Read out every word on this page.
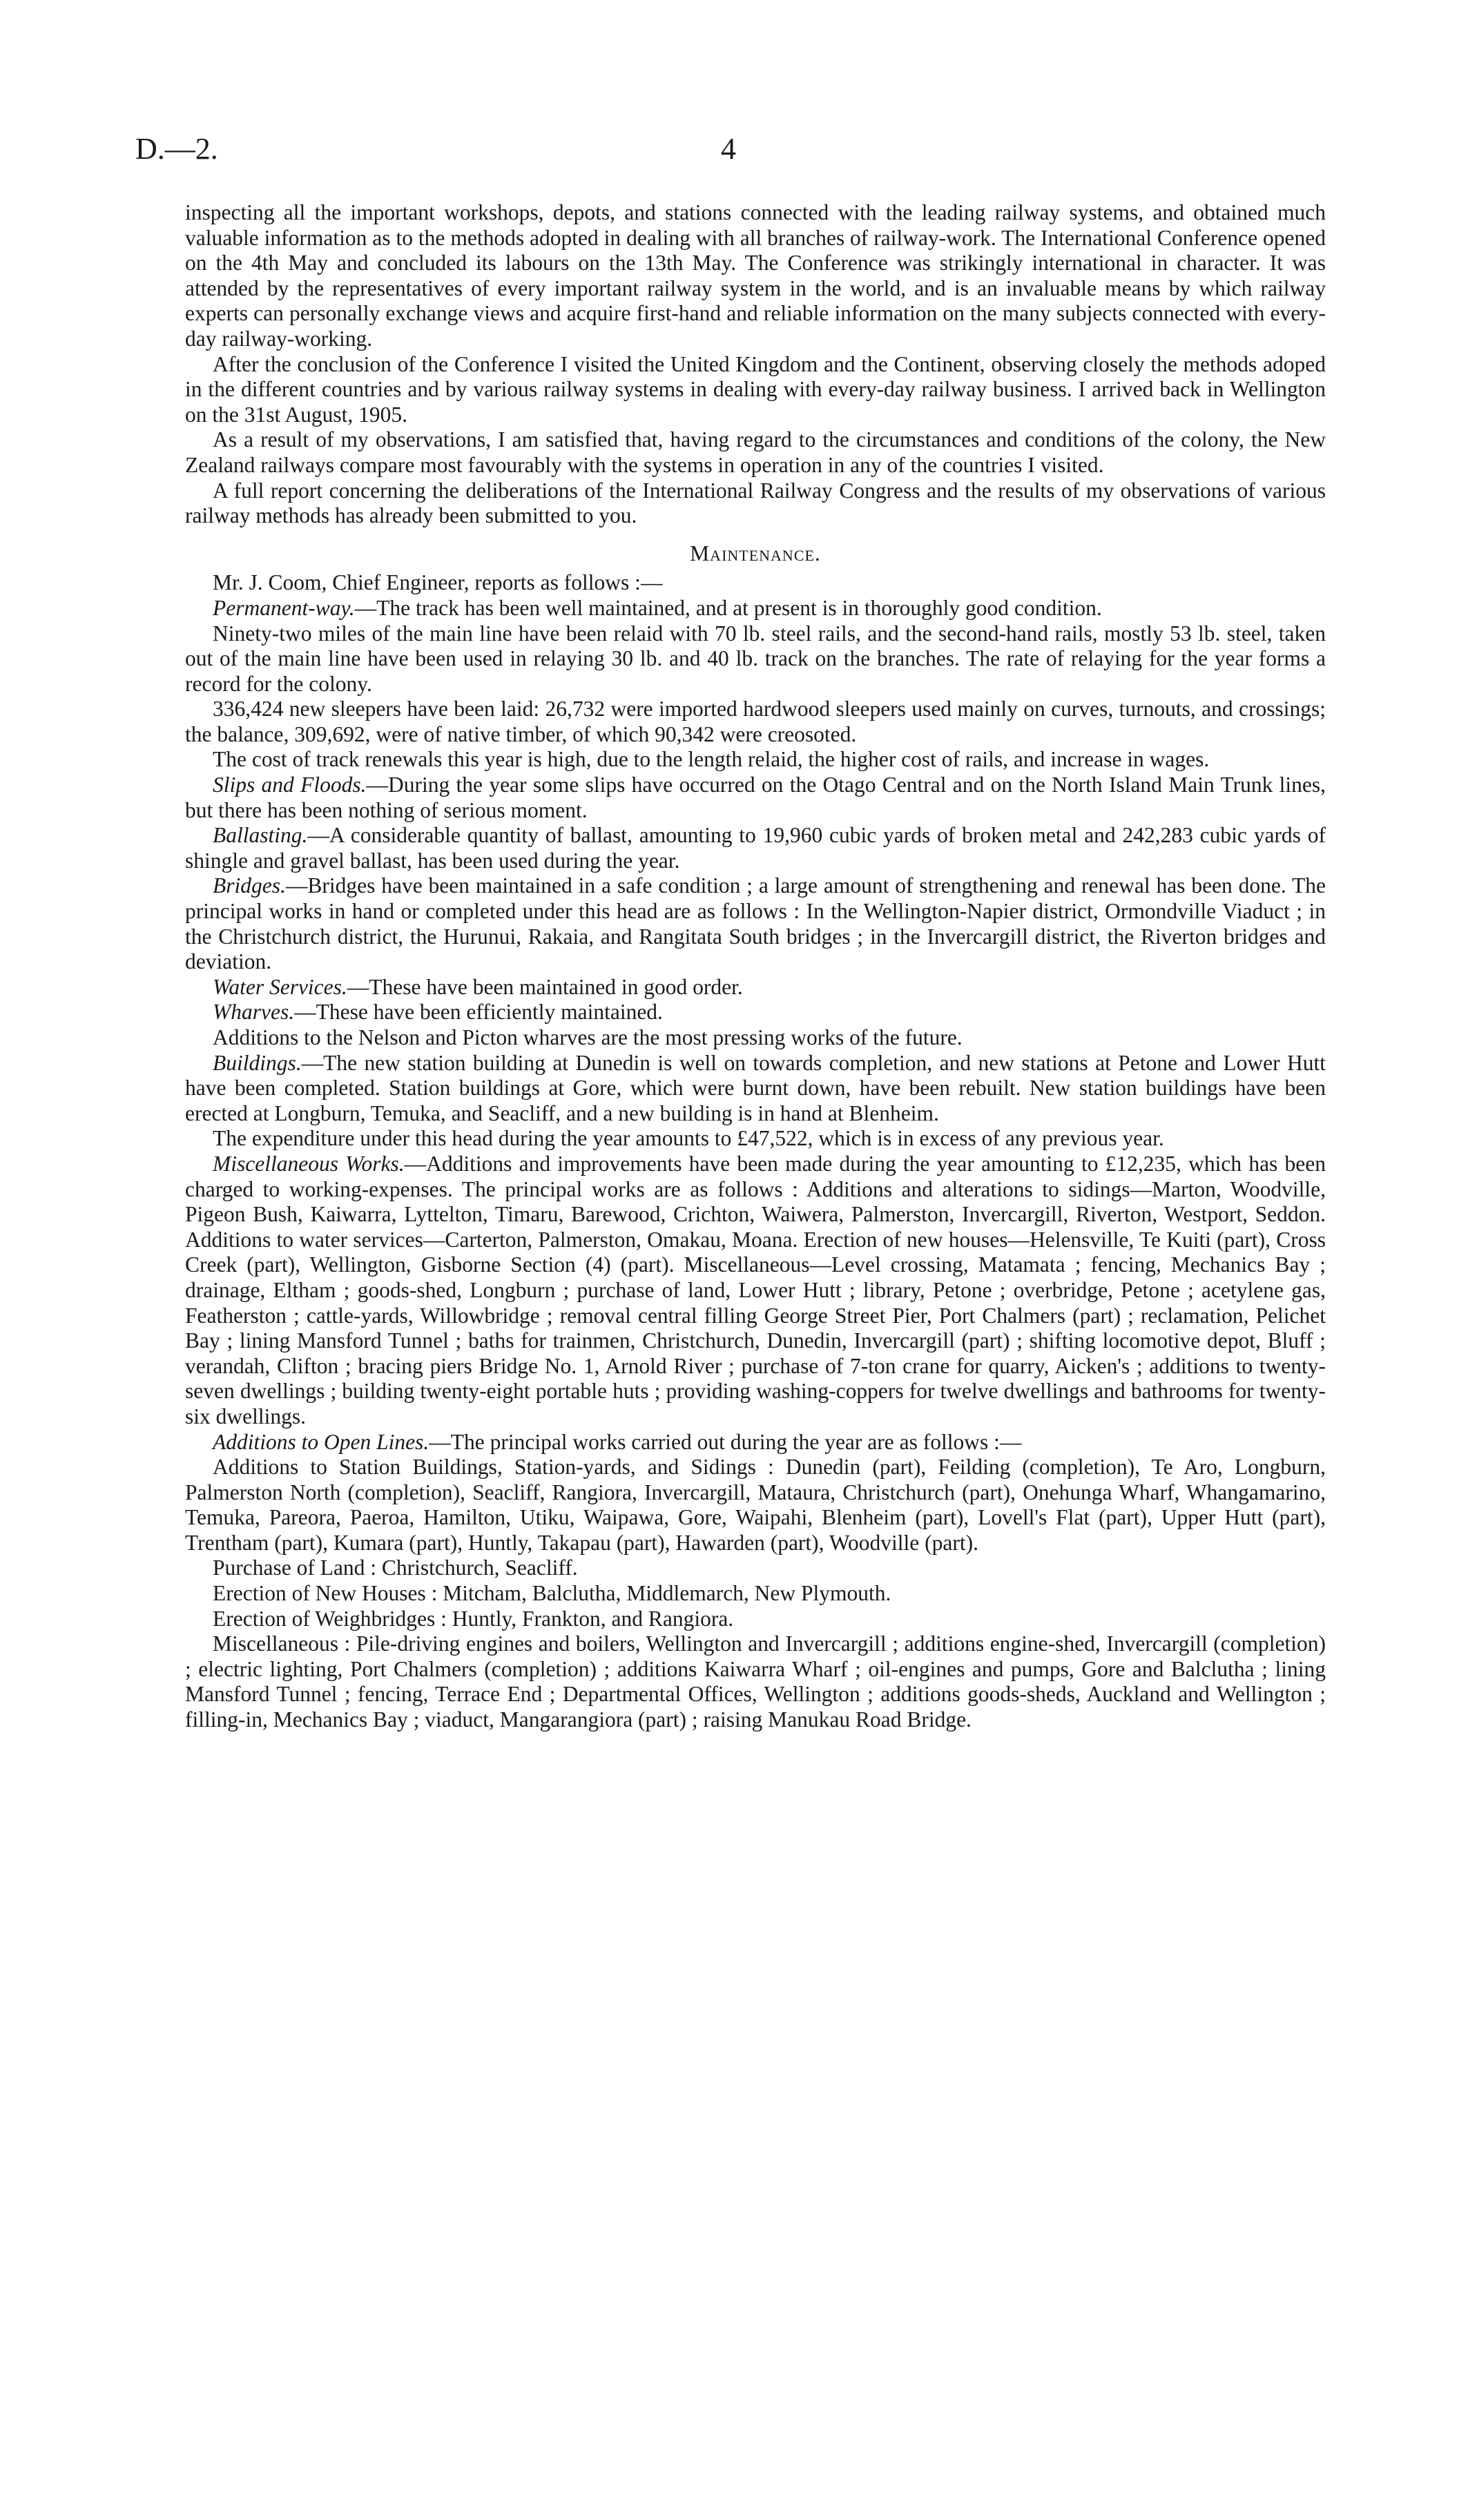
D.—2.	4

inspecting all the important workshops, depots, and stations connected with the leading railway systems, and obtained much valuable information as to the methods adopted in dealing with all branches of railway-work. The International Conference opened on the 4th May and concluded its labours on the 13th May. The Conference was strikingly international in character. It was attended by the representatives of every important railway system in the world, and is an invaluable means by which railway experts can personally exchange views and acquire first-hand and reliable information on the many subjects connected with every-day railway-working.

After the conclusion of the Conference I visited the United Kingdom and the Continent, observing closely the methods adoped in the different countries and by various railway systems in dealing with every-day railway business. I arrived back in Wellington on the 31st August, 1905.

As a result of my observations, I am satisfied that, having regard to the circumstances and conditions of the colony, the New Zealand railways compare most favourably with the systems in operation in any of the countries I visited.

A full report concerning the deliberations of the International Railway Congress and the results of my observations of various railway methods has already been submitted to you.

Maintenance.

Mr. J. Coom, Chief Engineer, reports as follows :—

Permanent-way.—The track has been well maintained, and at present is in thoroughly good condition.

Ninety-two miles of the main line have been relaid with 70 lb. steel rails, and the second-hand rails, mostly 53 lb. steel, taken out of the main line have been used in relaying 30 lb. and 40 lb. track on the branches. The rate of relaying for the year forms a record for the colony.

336,424 new sleepers have been laid: 26,732 were imported hardwood sleepers used mainly on curves, turnouts, and crossings; the balance, 309,692, were of native timber, of which 90,342 were creosoted.

The cost of track renewals this year is high, due to the length relaid, the higher cost of rails, and increase in wages.

Slips and Floods.—During the year some slips have occurred on the Otago Central and on the North Island Main Trunk lines, but there has been nothing of serious moment.

Ballasting.—A considerable quantity of ballast, amounting to 19,960 cubic yards of broken metal and 242,283 cubic yards of shingle and gravel ballast, has been used during the year.

Bridges.—Bridges have been maintained in a safe condition ; a large amount of strengthening and renewal has been done. The principal works in hand or completed under this head are as follows : In the Wellington-Napier district, Ormondville Viaduct ; in the Christchurch district, the Hurunui, Rakaia, and Rangitata South bridges ; in the Invercargill district, the Riverton bridges and deviation.

Water Services.—These have been maintained in good order.

Wharves.—These have been efficiently maintained.

Additions to the Nelson and Picton wharves are the most pressing works of the future.

Buildings.—The new station building at Dunedin is well on towards completion, and new stations at Petone and Lower Hutt have been completed. Station buildings at Gore, which were burnt down, have been rebuilt. New station buildings have been erected at Longburn, Temuka, and Seacliff, and a new building is in hand at Blenheim.

The expenditure under this head during the year amounts to £47,522, which is in excess of any previous year.

Miscellaneous Works.—Additions and improvements have been made during the year amounting to £12,235, which has been charged to working-expenses. The principal works are as follows : Additions and alterations to sidings—Marton, Woodville, Pigeon Bush, Kaiwarra, Lyttelton, Timaru, Barewood, Crichton, Waiwera, Palmerston, Invercargill, Riverton, Westport, Seddon. Additions to water services—Carterton, Palmerston, Omakau, Moana. Erection of new houses—Helensville, Te Kuiti (part), Cross Creek (part), Wellington, Gisborne Section (4) (part). Miscellaneous—Level crossing, Matamata ; fencing, Mechanics Bay ; drainage, Eltham ; goods-shed, Longburn ; purchase of land, Lower Hutt ; library, Petone ; overbridge, Petone ; acetylene gas, Featherston ; cattle-yards, Willowbridge ; removal central filling George Street Pier, Port Chalmers (part) ; reclamation, Pelichet Bay ; lining Mansford Tunnel ; baths for trainmen, Christchurch, Dunedin, Invercargill (part) ; shifting locomotive depot, Bluff ; verandah, Clifton ; bracing piers Bridge No. 1, Arnold River ; purchase of 7-ton crane for quarry, Aicken's ; additions to twenty-seven dwellings ; building twenty-eight portable huts ; providing washing-coppers for twelve dwellings and bathrooms for twenty-six dwellings.

Additions to Open Lines.—The principal works carried out during the year are as follows :—

Additions to Station Buildings, Station-yards, and Sidings : Dunedin (part), Feilding (completion), Te Aro, Longburn, Palmerston North (completion), Seacliff, Rangiora, Invercargill, Mataura, Christchurch (part), Onehunga Wharf, Whangamarino, Temuka, Pareora, Paeroa, Hamilton, Utiku, Waipawa, Gore, Waipahi, Blenheim (part), Lovell's Flat (part), Upper Hutt (part), Trentham (part), Kumara (part), Huntly, Takapau (part), Hawarden (part), Woodville (part).

Purchase of Land : Christchurch, Seacliff.

Erection of New Houses : Mitcham, Balclutha, Middlemarch, New Plymouth.

Erection of Weighbridges : Huntly, Frankton, and Rangiora.

Miscellaneous : Pile-driving engines and boilers, Wellington and Invercargill ; additions engine-shed, Invercargill (completion) ; electric lighting, Port Chalmers (completion) ; additions Kaiwarra Wharf ; oil-engines and pumps, Gore and Balclutha ; lining Mansford Tunnel ; fencing, Terrace End ; Departmental Offices, Wellington ; additions goods-sheds, Auckland and Wellington ; filling-in, Mechanics Bay ; viaduct, Mangarangiora (part) ; raising Manukau Road Bridge.
